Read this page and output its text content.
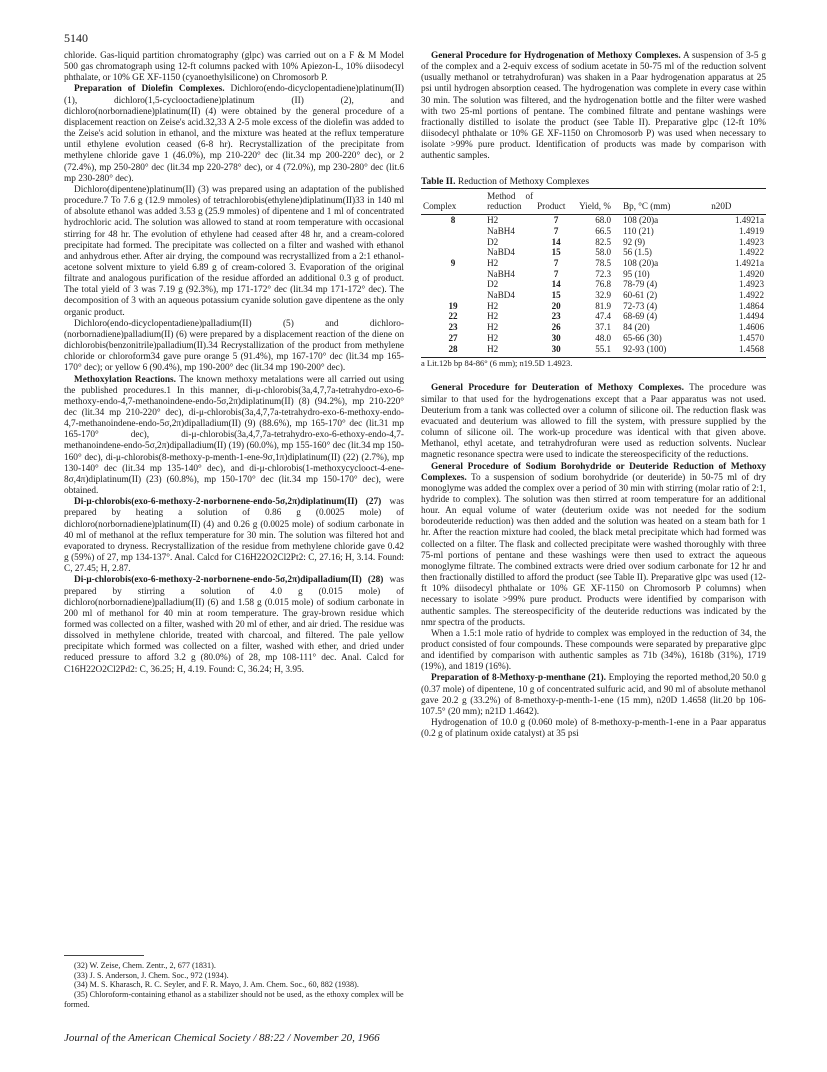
5140

chloride. Gas-liquid partition chromatography (glpc) was carried out on a F & M Model 500 gas chromatograph using 12-ft columns packed with 10% Apiezon-L, 10% diisodecyl phthalate, or 10% GE XF-1150 (cyanoethylsilicone) on Chromosorb P.

Preparation of Diolefin Complexes. Dichloro(endo-dicyclopentadiene)platinum(II) (1), dichloro(1,5-cyclooctadiene)platinum (II) (2), and dichloro(norbornadiene)platinum(II) (4) were obtained by the general procedure of a displacement reaction on Zeise's acid.32,33 A 2-5 mole excess of the diolefin was added to the Zeise's acid solution in ethanol, and the mixture was heated at the reflux temperature until ethylene evolution ceased (6-8 hr). Recrystallization of the precipitate from methylene chloride gave 1 (46.0%), mp 210-220° dec (lit.34 mp 200-220° dec), or 2 (72.4%), mp 250-280° dec (lit.34 mp 220-278° dec), or 4 (72.0%), mp 230-280° dec (lit.6 mp 230-280° dec).

Dichloro(dipentene)platinum(II) (3) was prepared using an adaptation of the published procedure.7 To 7.6 g (12.9 mmoles) of tetrachlorobis(ethylene)diplatinum(II)33 in 140 ml of absolute ethanol was added 3.53 g (25.9 mmoles) of dipentene and 1 ml of concentrated hydrochloric acid. The solution was allowed to stand at room temperature with occasional stirring for 48 hr. The evolution of ethylene had ceased after 48 hr, and a cream-colored precipitate had formed. The precipitate was collected on a filter and washed with ethanol and anhydrous ether. After air drying, the compound was recrystallized from a 2:1 ethanol-acetone solvent mixture to yield 6.89 g of cream-colored 3. Evaporation of the original filtrate and analogous purification of the residue afforded an additional 0.3 g of product. The total yield of 3 was 7.19 g (92.3%), mp 171-172° dec (lit.34 mp 171-172° dec). The decomposition of 3 with an aqueous potassium cyanide solution gave dipentene as the only organic product.

Dichloro(endo-dicyclopentadiene)palladium(II) (5) and dichloro-(norbornadiene)palladium(II) (6) were prepared by a displacement reaction of the diene on dichlorobis(benzonitrile)palladium(II).34 Recrystallization of the product from methylene chloride or chloroform34 gave pure orange 5 (91.4%), mp 167-170° dec (lit.34 mp 165-170° dec); or yellow 6 (90.4%), mp 190-200° dec (lit.34 mp 190-200° dec).

Methoxylation Reactions. The known methoxy metalations were all carried out using the published procedures.1 In this manner, di-μ-chlorobis(3a,4,7,7a-tetrahydro-exo-6-methoxy-endo-4,7-methanoindene-endo-5σ,2π)diplatinum(II) (8) (94.2%), mp 210-220° dec (lit.34 mp 210-220° dec), di-μ-chlorobis(3a,4,7,7a-tetrahydro-exo-6-methoxy-endo-4,7-methanoindene-endo-5σ,2π)dipalladium(II) (9) (88.6%), mp 165-170° dec (lit.31 mp 165-170° dec), di-μ-chlorobis(3a,4,7,7a-tetrahydro-exo-6-ethoxy-endo-4,7-methanoindene-endo-5σ,2π)dipalladium(II) (19) (60.0%), mp 155-160° dec (lit.34 mp 150-160° dec), di-μ-chlorobis(8-methoxy-p-menth-1-ene-9σ,1π)diplatinum(II) (22) (2.7%), mp 130-140° dec (lit.34 mp 135-140° dec), and di-μ-chlorobis(1-methoxycyclooct-4-ene-8σ,4π)diplatinum(II) (23) (60.8%), mp 150-170° dec (lit.34 mp 150-170° dec), were obtained.

Di-μ-chlorobis(exo-6-methoxy-2-norbornene-endo-5σ,2π)diplatinum(II) (27) was prepared by heating a solution of 0.86 g (0.0025 mole) of dichloro(norbornadiene)platinum(II) (4) and 0.26 g (0.0025 mole) of sodium carbonate in 40 ml of methanol at the reflux temperature for 30 min. The solution was filtered hot and evaporated to dryness. Recrystallization of the residue from methylene chloride gave 0.42 g (59%) of 27, mp 134-137°. Anal. Calcd for C16H22O2Cl2Pt2: C, 27.16; H, 3.14. Found: C, 27.45; H, 2.87.

Di-μ-chlorobis(exo-6-methoxy-2-norbornene-endo-5σ,2π)dipalladium(II) (28) was prepared by stirring a solution of 4.0 g (0.015 mole) of dichloro(norbornadiene)palladium(II) (6) and 1.58 g (0.015 mole) of sodium carbonate in 200 ml of methanol for 40 min at room temperature. The gray-brown residue which formed was collected on a filter, washed with 20 ml of ether, and air dried. The residue was dissolved in methylene chloride, treated with charcoal, and filtered. The pale yellow precipitate which formed was collected on a filter, washed with ether, and dried under reduced pressure to afford 3.2 g (80.0%) of 28, mp 108-111° dec. Anal. Calcd for C16H22O2Cl2Pd2: C, 36.25; H, 4.19. Found: C, 36.24; H, 3.95.

(32) W. Zeise, Chem. Zentr., 2, 677 (1831).

(33) J. S. Anderson, J. Chem. Soc., 972 (1934).

(34) M. S. Kharasch, R. C. Seyler, and F. R. Mayo, J. Am. Chem. Soc., 60, 882 (1938).

(35) Chloroform-containing ethanol as a stabilizer should not be used, as the ethoxy complex will be formed.

General Procedure for Hydrogenation of Methoxy Complexes. A suspension of 3-5 g of the complex and a 2-equiv excess of sodium acetate in 50-75 ml of the reduction solvent (usually methanol or tetrahydrofuran) was shaken in a Paar hydrogenation apparatus at 25 psi until hydrogen absorption ceased. The hydrogenation was complete in every case within 30 min. The solution was filtered, and the hydrogenation bottle and the filter were washed with two 25-ml portions of pentane. The combined filtrate and pentane washings were fractionally distilled to isolate the product (see Table II). Preparative glpc (12-ft 10% diisodecyl phthalate or 10% GE XF-1150 on Chromosorb P) was used when necessary to isolate >99% pure product. Identification of products was made by comparison with authentic samples.

Table II. Reduction of Methoxy Complexes

Complex	Method of reduction	Product	Yield, %	Bp, °C (mm)	n20D
8	H2	7	68.0	108 (20)a	1.4921a
	NaBH4	7	66.5	110 (21)	1.4919
	D2	14	82.5	92 (9)	1.4923
	NaBD4	15	58.0	56 (1.5)	1.4922
9	H2	7	78.5	108 (20)a	1.4921a
	NaBH4	7	72.3	95 (10)	1.4920
	D2	14	76.8	78-79 (4)	1.4923
	NaBD4	15	32.9	60-61 (2)	1.4922
19	H2	20	81.9	72-73 (4)	1.4864
22	H2	23	47.4	68-69 (4)	1.4494
23	H2	26	37.1	84 (20)	1.4606
27	H2	30	48.0	65-66 (30)	1.4570
28	H2	30	55.1	92-93 (100)	1.4568

a Lit.12b bp 84-86° (6 mm); n19.5D 1.4923.

General Procedure for Deuteration of Methoxy Complexes. The procedure was similar to that used for the hydrogenations except that a Paar apparatus was not used. Deuterium from a tank was collected over a column of silicone oil. The reduction flask was evacuated and deuterium was allowed to fill the system, with pressure supplied by the column of silicone oil. The work-up procedure was identical with that given above. Methanol, ethyl acetate, and tetrahydrofuran were used as reduction solvents. Nuclear magnetic resonance spectra were used to indicate the stereospecificity of the reductions.

General Procedure of Sodium Borohydride or Deuteride Reduction of Methoxy Complexes. To a suspension of sodium borohydride (or deuteride) in 50-75 ml of dry monoglyme was added the complex over a period of 30 min with stirring (molar ratio of 2:1, hydride to complex). The solution was then stirred at room temperature for an additional hour. An equal volume of water (deuterium oxide was not needed for the sodium borodeuteride reduction) was then added and the solution was heated on a steam bath for 1 hr. After the reaction mixture had cooled, the black metal precipitate which had formed was collected on a filter. The flask and collected precipitate were washed thoroughly with three 75-ml portions of pentane and these washings were then used to extract the aqueous monoglyme filtrate. The combined extracts were dried over sodium carbonate for 12 hr and then fractionally distilled to afford the product (see Table II). Preparative glpc was used (12-ft 10% diisodecyl phthalate or 10% GE XF-1150 on Chromosorb P columns) when necessary to isolate >99% pure product. Products were identified by comparison with authentic samples. The stereospecificity of the deuteride reductions was indicated by the nmr spectra of the products.

When a 1.5:1 mole ratio of hydride to complex was employed in the reduction of 34, the product consisted of four compounds. These compounds were separated by preparative glpc and identified by comparison with authentic samples as 71b (34%), 1618b (31%), 1719 (19%), and 1819 (16%).

Preparation of 8-Methoxy-p-menthane (21). Employing the reported method,20 50.0 g (0.37 mole) of dipentene, 10 g of concentrated sulfuric acid, and 90 ml of absolute methanol gave 20.2 g (33.2%) of 8-methoxy-p-menth-1-ene (15 mm), n20D 1.4658 (lit.20 bp 106-107.5° (20 mm); n21D 1.4642).

Hydrogenation of 10.0 g (0.060 mole) of 8-methoxy-p-menth-1-ene in a Paar apparatus (0.2 g of platinum oxide catalyst) at 35 psi

Journal of the American Chemical Society / 88:22 / November 20, 1966
